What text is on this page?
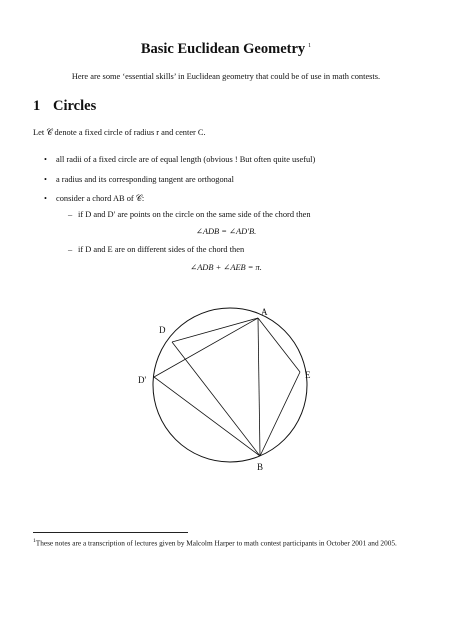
Basic Euclidean Geometry $^1$
Here are some ‘essential skills’ in Euclidean geometry that could be of use in math contests.
1 Circles
Let 𝒞 denote a fixed circle of radius r and center C.
• all radii of a fixed circle are of equal length (obvious ! But often quite useful)
• a radius and its corresponding tangent are orthogonal
• consider a chord AB of 𝒞:
– if D and D′ are points on the circle on the same side of the chord then
∠ADB = ∠AD′B.
– if D and E are on different sides of the chord then
∠ADB + ∠AEB = π.
A
B
D
D'	E
$^1$These notes are a transcription of lectures given by Malcolm Harper to math contest participants in October 2001 and 2005.
